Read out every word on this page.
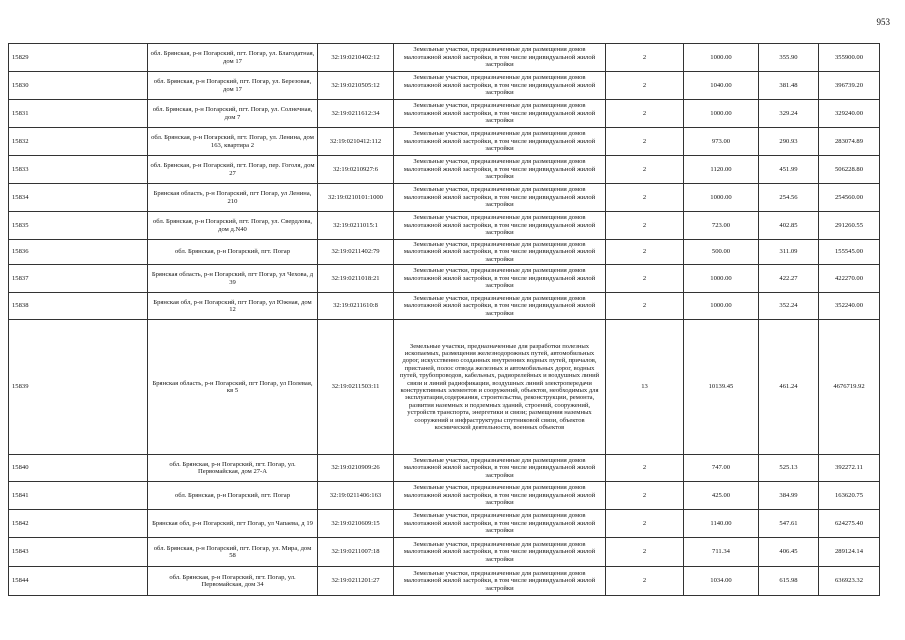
953
15829	обл. Брянская, р-н Погарский, пгт. Погар, ул. Благодатная, дом 17	32:19:0210402:12	Земельные участки, предназначенные для размещения домов малоэтажной жилой застройки, в том числе индивидуальной жилой застройки	2	1000.00	355.90	355900.00
15830	обл. Брянская, р-н Погарский, пгт. Погар, ул. Березовая, дом 17	32:19:0210505:12	Земельные участки, предназначенные для размещения домов малоэтажной жилой застройки, в том числе индивидуальной жилой застройки	2	1040.00	381.48	396739.20
15831	обл. Брянская, р-н Погарский, пгт. Погар, ул. Солнечная, дом 7	32:19:0211612:34	Земельные участки, предназначенные для размещения домов малоэтажной жилой застройки, в том числе индивидуальной жилой застройки	2	1000.00	329.24	329240.00
15832	обл. Брянская, р-н Погарский, пгт. Погар, ул. Ленина, дом 163, квартира 2	32:19:0210412:112	Земельные участки, предназначенные для размещения домов малоэтажной жилой застройки, в том числе индивидуальной жилой застройки	2	973.00	290.93	283074.89
15833	обл. Брянская, р-н Погарский, пгт. Погар, пер. Гоголя, дом 27	32:19:0210927:6	Земельные участки, предназначенные для размещения домов малоэтажной жилой застройки, в том числе индивидуальной жилой застройки	2	1120.00	451.99	506228.80
15834	Брянская область, р-н Погарский, пгт Погар, ул Ленина, 210	32:19:0210101:1000	Земельные участки, предназначенные для размещения домов малоэтажной жилой застройки, в том числе индивидуальной жилой застройки	2	1000.00	254.56	254560.00
15835	обл. Брянская, р-н Погарский, пгт. Погар, ул. Свердлова, дом д.N40	32:19:0211015:1	Земельные участки, предназначенные для размещения домов малоэтажной жилой застройки, в том числе индивидуальной жилой застройки	2	723.00	402.85	291260.55
15836	обл. Брянская, р-н Погарский, пгт. Погар	32:19:0211402:79	Земельные участки, предназначенные для размещения домов малоэтажной жилой застройки, в том числе индивидуальной жилой застройки	2	500.00	311.09	155545.00
15837	Брянская область, р-н Погарский, пгт Погар, ул Чехова, д 39	32:19:0211018:21	Земельные участки, предназначенные для размещения домов малоэтажной жилой застройки, в том числе индивидуальной жилой застройки	2	1000.00	422.27	422270.00
15838	Брянская обл, р-н Погарский, пгт Погар, ул Южная, дом 12	32:19:0211610:8	Земельные участки, предназначенные для размещения домов малоэтажной жилой застройки, в том числе индивидуальной жилой застройки	2	1000.00	352.24	352240.00
15839	Брянская область, р-н Погарский, пгт Погар, ул Полевая, кв 5	32:19:0211503:11	Земельные участки, предназначенные для разработки полезных ископаемых, размещения железнодорожных путей, автомобильных дорог, искусственно созданных внутренних водных путей, причалов, пристаней, полос отвода железных и автомобильных дорог, водных путей, трубопроводов, кабельных, радиорелейных и воздушных линий связи и линий радиофикации, воздушных линий электропередачи конструктивных элементов и сооружений, объектов, необходимых для эксплуатации,содержания, строительства, реконструкции, ремонта, развития наземных и подземных зданий, строений, сооружений, устройств транспорта, энергетики и связи; размещения наземных сооружений и инфраструктуры спутниковой связи, объектов космической деятельности, военных объектов	13	10139.45	461.24	4676719.92
15840	обл. Брянская, р-н Погарский, пгт. Погар, ул. Первомайская, дом 27-А	32:19:0210909:26	Земельные участки, предназначенные для размещения домов малоэтажной жилой застройки, в том числе индивидуальной жилой застройки	2	747.00	525.13	392272.11
15841	обл. Брянская, р-н Погарский, пгт. Погар	32:19:0211406:163	Земельные участки, предназначенные для размещения домов малоэтажной жилой застройки, в том числе индивидуальной жилой застройки	2	425.00	384.99	163620.75
15842	Брянская обл, р-н Погарский, пгт Погар, ул Чапаева, д 19	32:19:0210609:15	Земельные участки, предназначенные для размещения домов малоэтажной жилой застройки, в том числе индивидуальной жилой застройки	2	1140.00	547.61	624275.40
15843	обл. Брянская, р-н Погарский, пгт. Погар, ул. Мира, дом 58	32:19:0211007:18	Земельные участки, предназначенные для размещения домов малоэтажной жилой застройки, в том числе индивидуальной жилой застройки	2	711.34	406.45	289124.14
15844	обл. Брянская, р-н Погарский, пгт. Погар, ул. Первомайская, дом 34	32:19:0211201:27	Земельные участки, предназначенные для размещения домов малоэтажной жилой застройки, в том числе индивидуальной жилой застройки	2	1034.00	615.98	636923.32
